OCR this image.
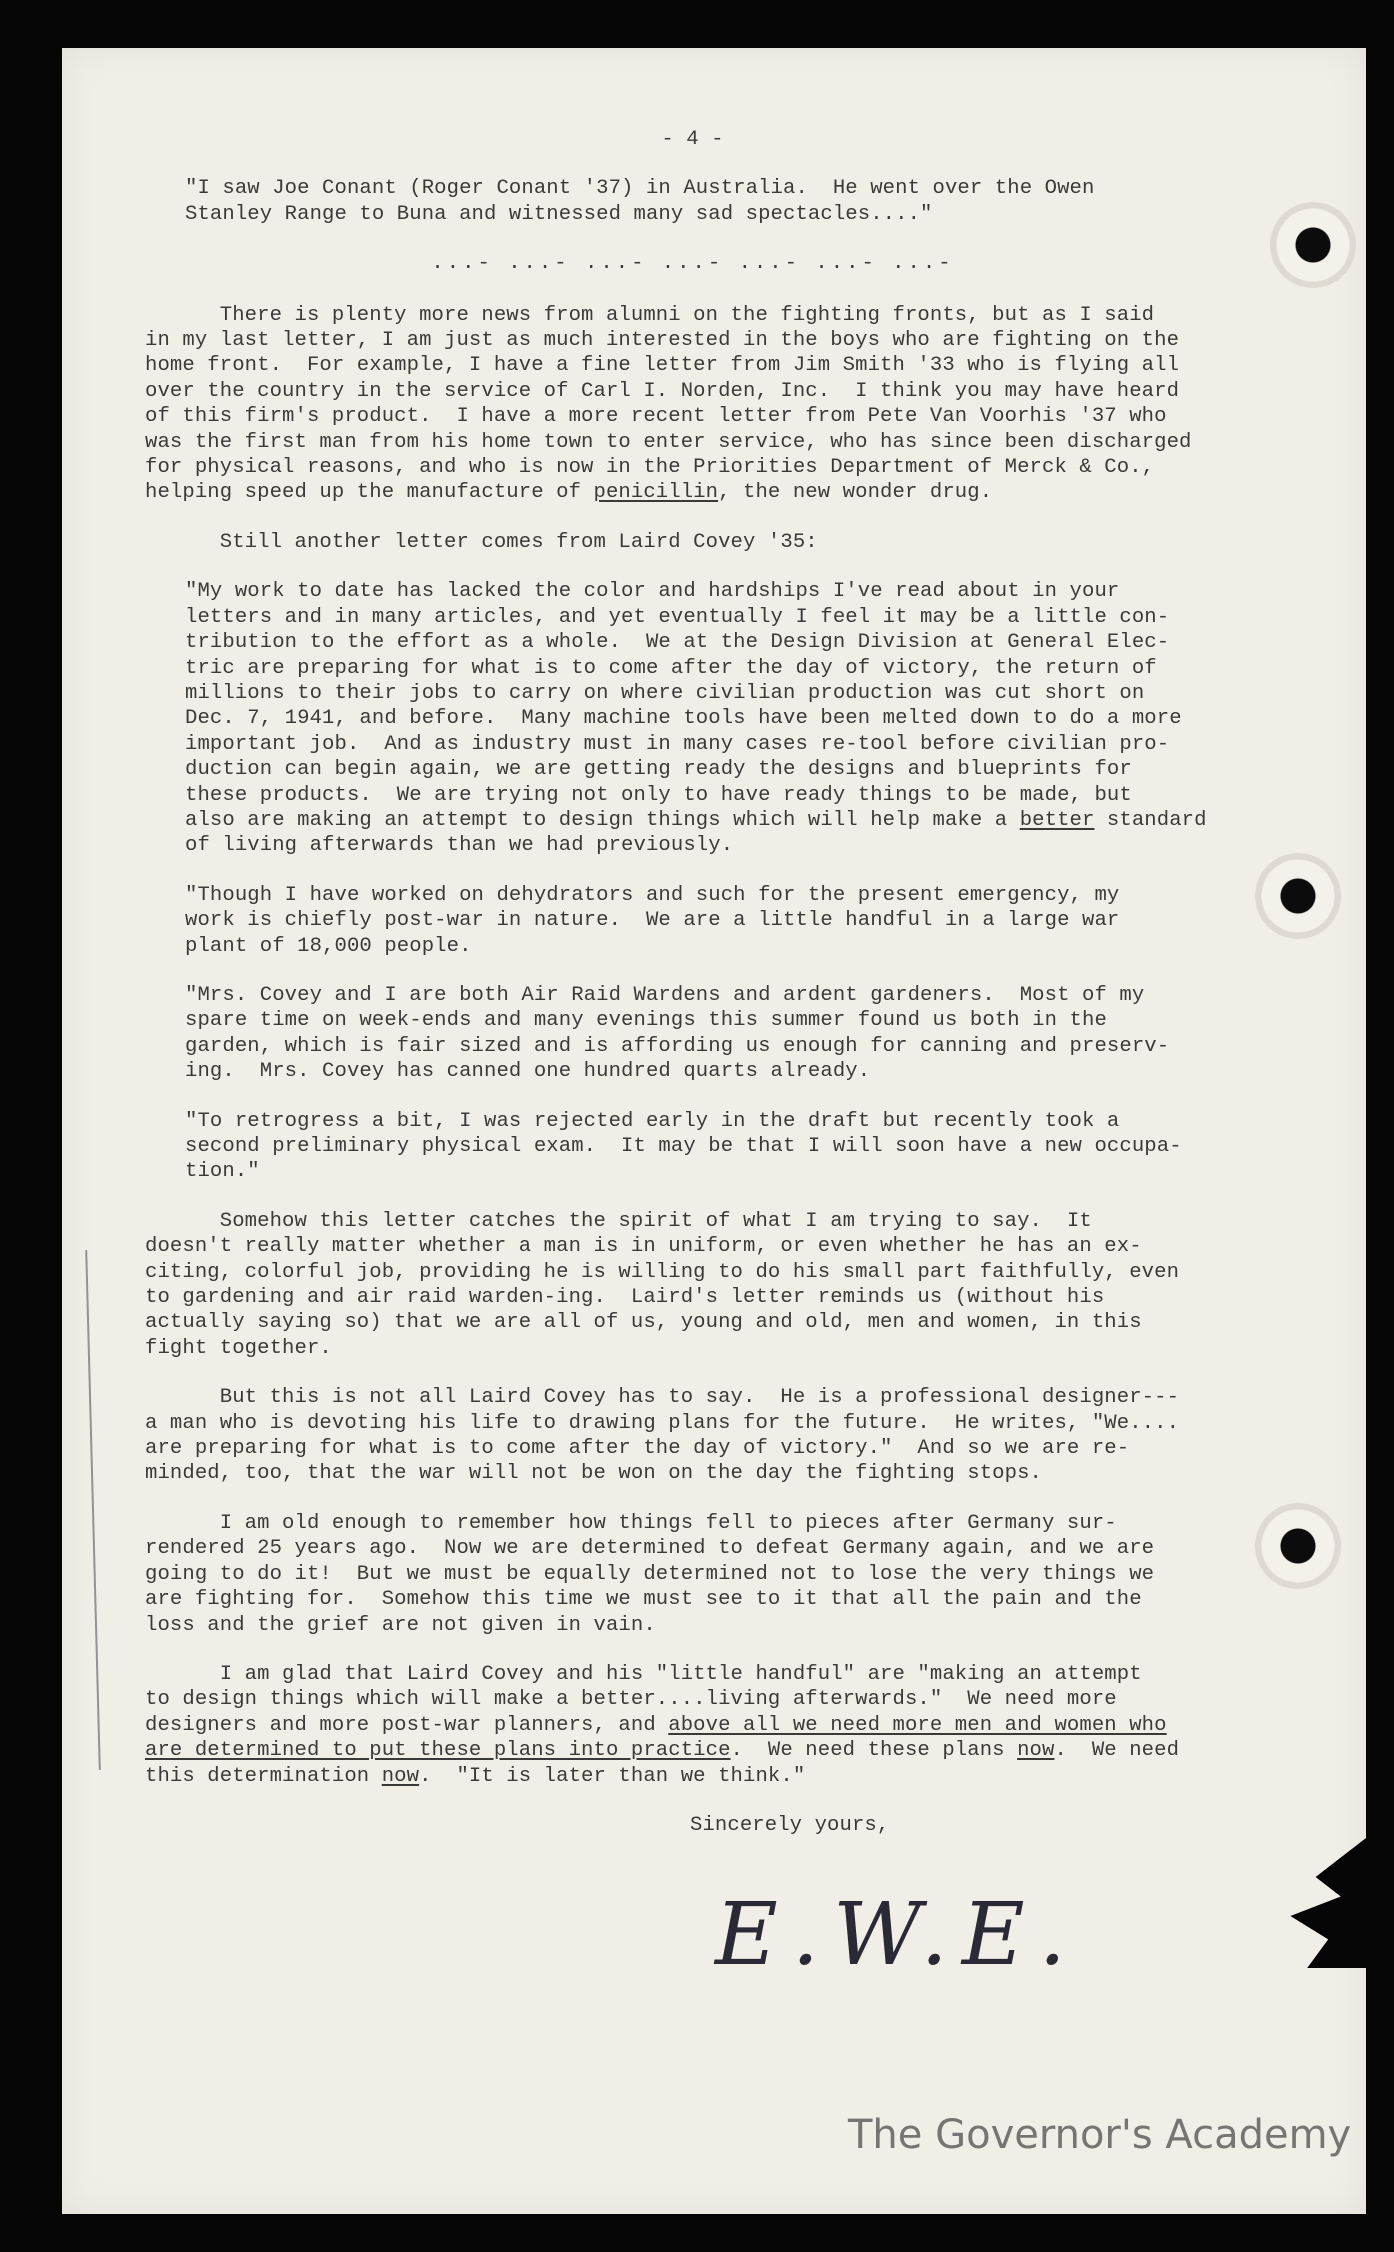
- 4 -
"I saw Joe Conant (Roger Conant '37) in Australia.  He went over the Owen
Stanley Range to Buna and witnessed many sad spectacles...."
...- ...- ...- ...- ...- ...- ...-
There is plenty more news from alumni on the fighting fronts, but as I said
in my last letter, I am just as much interested in the boys who are fighting on the
home front.  For example, I have a fine letter from Jim Smith '33 who is flying all
over the country in the service of Carl I. Norden, Inc.  I think you may have heard
of this firm's product.  I have a more recent letter from Pete Van Voorhis '37 who
was the first man from his home town to enter service, who has since been discharged
for physical reasons, and who is now in the Priorities Department of Merck & Co.,
helping speed up the manufacture of penicillin, the new wonder drug.
Still another letter comes from Laird Covey '35:
"My work to date has lacked the color and hardships I've read about in your
letters and in many articles, and yet eventually I feel it may be a little con-
tribution to the effort as a whole.  We at the Design Division at General Elec-
tric are preparing for what is to come after the day of victory, the return of
millions to their jobs to carry on where civilian production was cut short on
Dec. 7, 1941, and before.  Many machine tools have been melted down to do a more
important job.  And as industry must in many cases re-tool before civilian pro-
duction can begin again, we are getting ready the designs and blueprints for
these products.  We are trying not only to have ready things to be made, but
also are making an attempt to design things which will help make a better standard
of living afterwards than we had previously.
"Though I have worked on dehydrators and such for the present emergency, my
work is chiefly post-war in nature.  We are a little handful in a large war
plant of 18,000 people.
"Mrs. Covey and I are both Air Raid Wardens and ardent gardeners.  Most of my
spare time on week-ends and many evenings this summer found us both in the
garden, which is fair sized and is affording us enough for canning and preserv-
ing.  Mrs. Covey has canned one hundred quarts already.
"To retrogress a bit, I was rejected early in the draft but recently took a
second preliminary physical exam.  It may be that I will soon have a new occupa-
tion."
Somehow this letter catches the spirit of what I am trying to say.  It
doesn't really matter whether a man is in uniform, or even whether he has an ex-
citing, colorful job, providing he is willing to do his small part faithfully, even
to gardening and air raid warden-ing.  Laird's letter reminds us (without his
actually saying so) that we are all of us, young and old, men and women, in this
fight together.
But this is not all Laird Covey has to say.  He is a professional designer---
a man who is devoting his life to drawing plans for the future.  He writes, "We....
are preparing for what is to come after the day of victory."  And so we are re-
minded, too, that the war will not be won on the day the fighting stops.
I am old enough to remember how things fell to pieces after Germany sur-
rendered 25 years ago.  Now we are determined to defeat Germany again, and we are
going to do it!  But we must be equally determined not to lose the very things we
are fighting for.  Somehow this time we must see to it that all the pain and the
loss and the grief are not given in vain.
I am glad that Laird Covey and his "little handful" are "making an attempt
to design things which will make a better....living afterwards."  We need more
designers and more post-war planners, and above all we need more men and women who
are determined to put these plans into practice.  We need these plans now.  We need
this determination now.  "It is later than we think."
Sincerely yours,
E.W.E.
The Governor's Academy
